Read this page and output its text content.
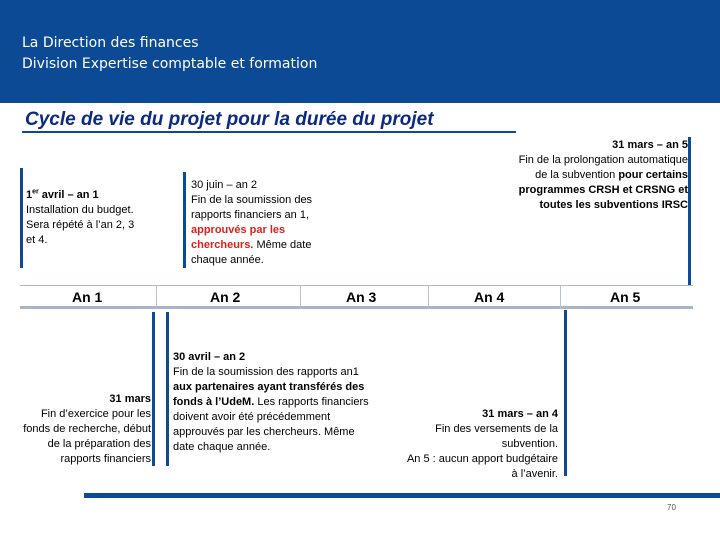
La Direction des finances
Division Expertise comptable et formation
Cycle de vie du projet pour la durée du projet
1er avril – an 1
Installation du budget. Sera répété à l’an 2, 3 et 4.
30 juin – an 2
Fin de la soumission des rapports financiers an 1, approuvés par les chercheurs. Même date chaque année.
31 mars – an 5
Fin de la prolongation automatique de la subvention pour certains programmes CRSH et CRSNG et toutes les subventions IRSC
An 1	An 2	An 3	An 4	An 5
31 mars
Fin d’exercice pour les fonds de recherche, début de la préparation des rapports financiers
30 avril – an 2
Fin de la soumission des rapports an1 aux partenaires ayant transférés des fonds à l’UdeM. Les rapports financiers doivent avoir été précédemment approuvés par les chercheurs. Même date chaque année.
31 mars – an 4
Fin des versements de la subvention.
An 5 : aucun apport budgétaire à l’avenir.
70
